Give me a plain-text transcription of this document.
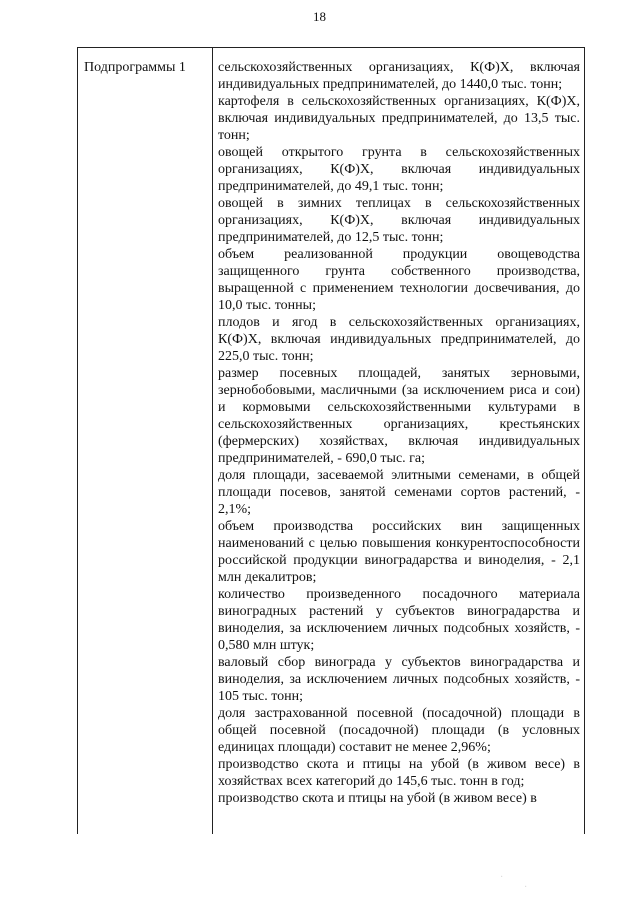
18
Подпрограммы 1 сельскохозяйственных организациях, К(Ф)Х, включая индивидуальных предпринимателей, до 1440,0 тыс. тонн;
картофеля в сельскохозяйственных организациях, К(Ф)Х, включая индивидуальных предпринимателей, до 13,5 тыс. тонн;
овощей открытого грунта в сельскохозяйственных организациях, К(Ф)Х, включая индивидуальных предпринимателей, до 49,1 тыс. тонн;
овощей в зимних теплицах в сельскохозяйственных организациях, К(Ф)Х, включая индивидуальных предпринимателей, до 12,5 тыс. тонн;
объем реализованной продукции овощеводства защищенного грунта собственного производства, выращенной с применением технологии досвечивания, до 10,0 тыс. тонны;
плодов и ягод в сельскохозяйственных организациях, К(Ф)Х, включая индивидуальных предпринимателей, до 225,0 тыс. тонн;
размер посевных площадей, занятых зерновыми, зернобобовыми, масличными (за исключением риса и сои) и кормовыми сельскохозяйственными культурами в сельскохозяйственных организациях, крестьянских (фермерских) хозяйствах, включая индивидуальных предпринимателей, - 690,0 тыс. га;
доля площади, засеваемой элитными семенами, в общей площади посевов, занятой семенами сортов растений, - 2,1%;
объем производства российских вин защищенных наименований с целью повышения конкурентоспособности российской продукции виноградарства и виноделия, - 2,1 млн декалитров;
количество произведенного посадочного материала виноградных растений у субъектов виноградарства и виноделия, за исключением личных подсобных хозяйств, - 0,580 млн штук;
валовый сбор винограда у субъектов виноградарства и виноделия, за исключением личных подсобных хозяйств, - 105 тыс. тонн;
доля застрахованной посевной (посадочной) площади в общей посевной (посадочной) площади (в условных единицах площади) составит не менее 2,96%;
производство скота и птицы на убой (в живом весе) в хозяйствах всех категорий до 145,6 тыс. тонн в год;
производство скота и птицы на убой (в живом весе) в
·
·
